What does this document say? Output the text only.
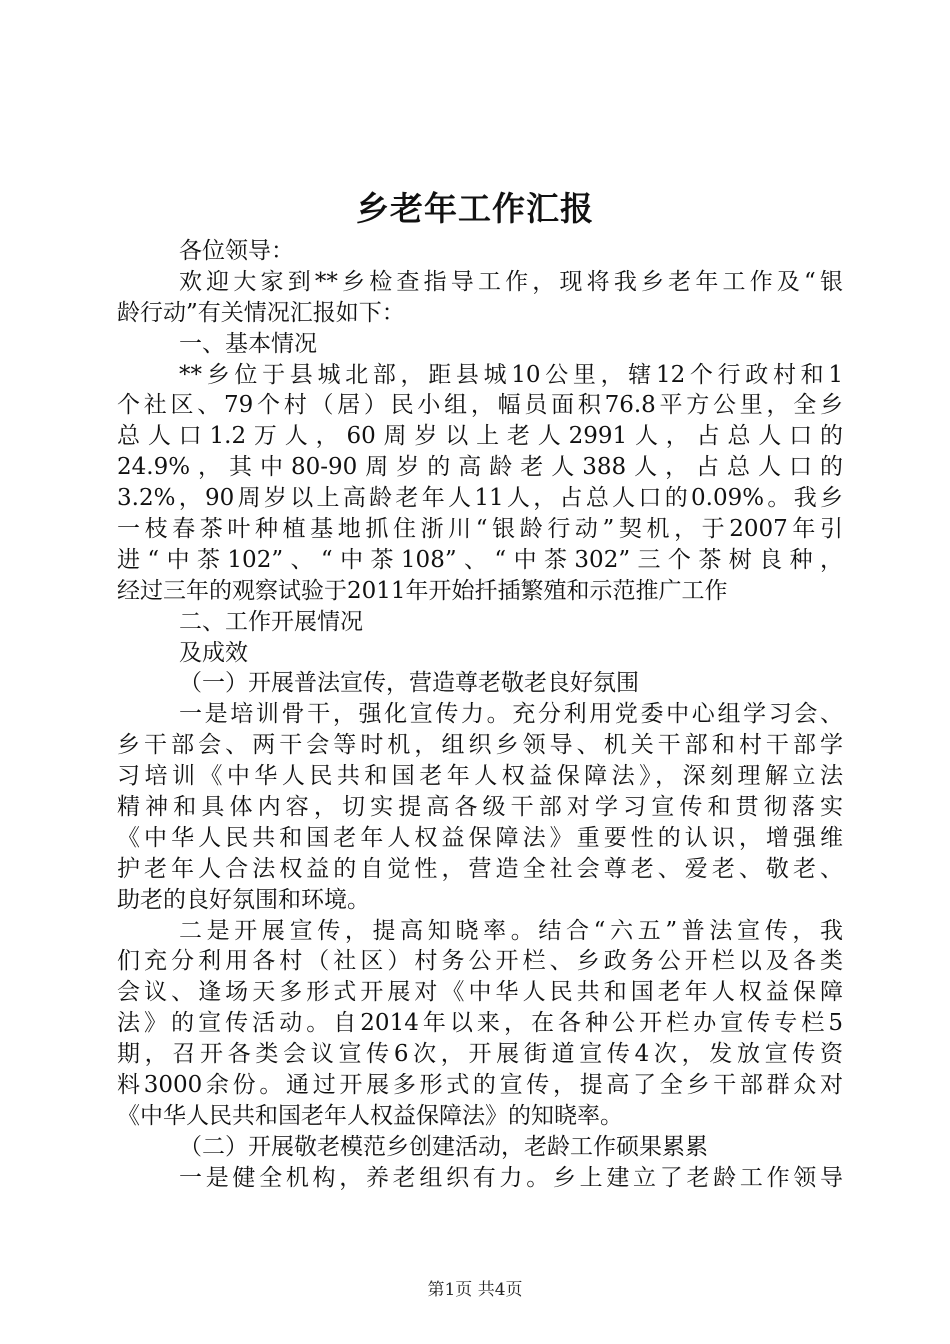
乡老年工作汇报
各位领导：
欢迎大家到**乡检查指导工作，现将我乡老年工作及“银
龄行动”有关情况汇报如下：
一、基本情况
**乡位于县城北部，距县城10公里，辖12个行政村和1
个社区、79个村（居）民小组，幅员面积76.8平方公里，全乡
总人口1.2万人，60周岁以上老人2991人，占总人口的
24.9%，其中80-90周岁的高龄老人388人，占总人口的
3.2%，90周岁以上高龄老年人11人，占总人口的0.09%。我乡
一枝春茶叶种植基地抓住浙川“银龄行动”契机，于2007年引
进“中茶102”、“中茶108”、“中茶302”三个茶树良种，
经过三年的观察试验于2011年开始扦插繁殖和示范推广工作
二、工作开展情况
及成效
（一）开展普法宣传，营造尊老敬老良好氛围
一是培训骨干，强化宣传力。充分利用党委中心组学习会、
乡干部会、两干会等时机，组织乡领导、机关干部和村干部学
习培训《中华人民共和国老年人权益保障法》，深刻理解立法
精神和具体内容，切实提高各级干部对学习宣传和贯彻落实
《中华人民共和国老年人权益保障法》重要性的认识，增强维
护老年人合法权益的自觉性，营造全社会尊老、爱老、敬老、
助老的良好氛围和环境。
二是开展宣传，提高知晓率。结合“六五”普法宣传，我
们充分利用各村（社区）村务公开栏、乡政务公开栏以及各类
会议、逢场天多形式开展对《中华人民共和国老年人权益保障
法》的宣传活动。自2014年以来，在各种公开栏办宣传专栏5
期，召开各类会议宣传6次，开展街道宣传4次，发放宣传资
料3000余份。通过开展多形式的宣传，提高了全乡干部群众对
《中华人民共和国老年人权益保障法》的知晓率。
（二）开展敬老模范乡创建活动，老龄工作硕果累累
一是健全机构，养老组织有力。乡上建立了老龄工作领导
第1页 共4页
